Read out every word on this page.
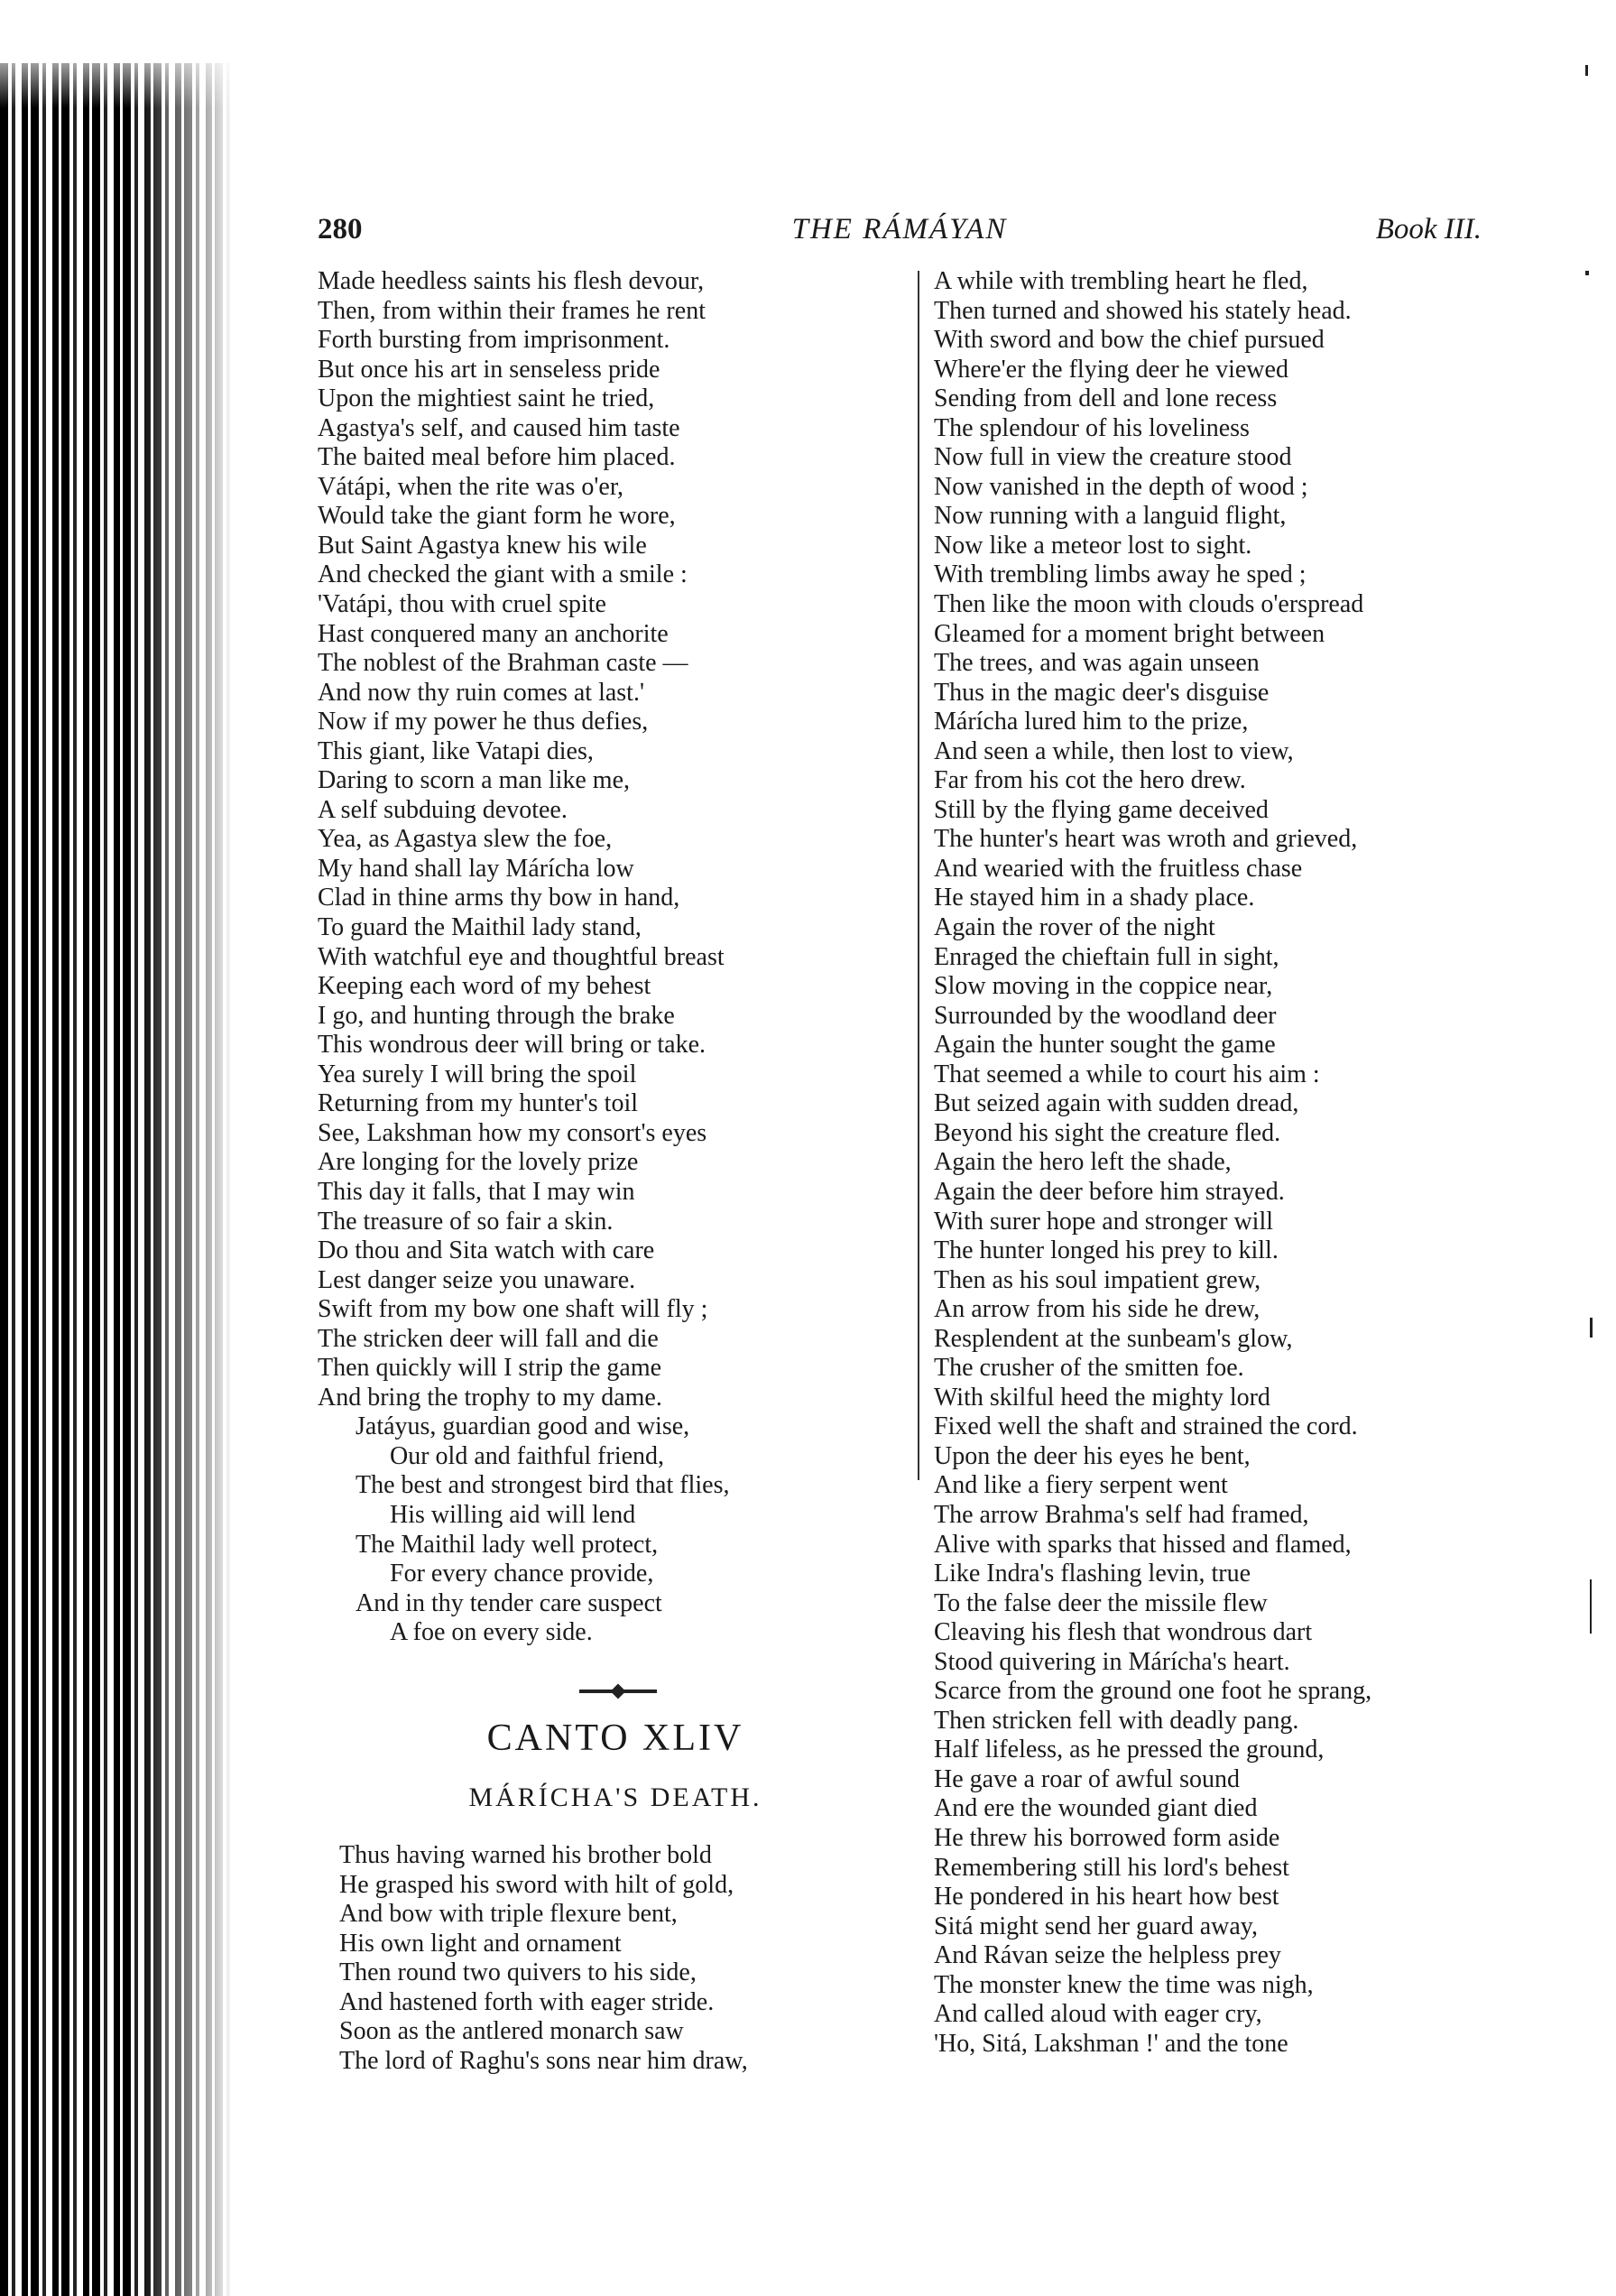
280	THE RÁMÁYAN	Book III.
Made heedless saints his flesh devour,
Then, from within their frames he rent
Forth bursting from imprisonment.
But once his art in senseless pride
Upon the mightiest saint he tried,
Agastya's self, and caused him taste
The baited meal before him placed.
Vátápi, when the rite was o'er,
Would take the giant form he wore,
But Saint Agastya knew his wile
And checked the giant with a smile :
'Vatápi, thou with cruel spite
Hast conquered many an anchorite
The noblest of the Brahman caste —
And now thy ruin comes at last.'
Now if my power he thus defies,
This giant, like Vatapi dies,
Daring to scorn a man like me,
A self subduing devotee.
Yea, as Agastya slew the foe,
My hand shall lay Márícha low
Clad in thine arms thy bow in hand,
To guard the Maithil lady stand,
With watchful eye and thoughtful breast
Keeping each word of my behest
I go, and hunting through the brake
This wondrous deer will bring or take.
Yea surely I will bring the spoil
Returning from my hunter's toil
See, Lakshman how my consort's eyes
Are longing for the lovely prize
This day it falls, that I may win
The treasure of so fair a skin.
Do thou and Sita watch with care
Lest danger seize you unaware.
Swift from my bow one shaft will fly ;
The stricken deer will fall and die
Then quickly will I strip the game
And bring the trophy to my dame.
Jatáyus, guardian good and wise,
Our old and faithful friend,
The best and strongest bird that flies,
His willing aid will lend
The Maithil lady well protect,
For every chance provide,
And in thy tender care suspect
A foe on every side.
CANTO XLIV
MÁRÍCHA'S DEATH.
Thus having warned his brother bold
He grasped his sword with hilt of gold,
And bow with triple flexure bent,
His own light and ornament
Then round two quivers to his side,
And hastened forth with eager stride.
Soon as the antlered monarch saw
The lord of Raghu's sons near him draw,
A while with trembling heart he fled,
Then turned and showed his stately head.
With sword and bow the chief pursued
Where'er the flying deer he viewed
Sending from dell and lone recess
The splendour of his loveliness
Now full in view the creature stood
Now vanished in the depth of wood ;
Now running with a languid flight,
Now like a meteor lost to sight.
With trembling limbs away he sped ;
Then like the moon with clouds o'erspread
Gleamed for a moment bright between
The trees, and was again unseen
Thus in the magic deer's disguise
Márícha lured him to the prize,
And seen a while, then lost to view,
Far from his cot the hero drew.
Still by the flying game deceived
The hunter's heart was wroth and grieved,
And wearied with the fruitless chase
He stayed him in a shady place.
Again the rover of the night
Enraged the chieftain full in sight,
Slow moving in the coppice near,
Surrounded by the woodland deer
Again the hunter sought the game
That seemed a while to court his aim :
But seized again with sudden dread,
Beyond his sight the creature fled.
Again the hero left the shade,
Again the deer before him strayed.
With surer hope and stronger will
The hunter longed his prey to kill.
Then as his soul impatient grew,
An arrow from his side he drew,
Resplendent at the sunbeam's glow,
The crusher of the smitten foe.
With skilful heed the mighty lord
Fixed well the shaft and strained the cord.
Upon the deer his eyes he bent,
And like a fiery serpent went
The arrow Brahma's self had framed,
Alive with sparks that hissed and flamed,
Like Indra's flashing levin, true
To the false deer the missile flew
Cleaving his flesh that wondrous dart
Stood quivering in Márícha's heart.
Scarce from the ground one foot he sprang,
Then stricken fell with deadly pang.
Half lifeless, as he pressed the ground,
He gave a roar of awful sound
And ere the wounded giant died
He threw his borrowed form aside
Remembering still his lord's behest
He pondered in his heart how best
Sitá might send her guard away,
And Rávan seize the helpless prey
The monster knew the time was nigh,
And called aloud with eager cry,
'Ho, Sitá, Lakshman !' and the tone
